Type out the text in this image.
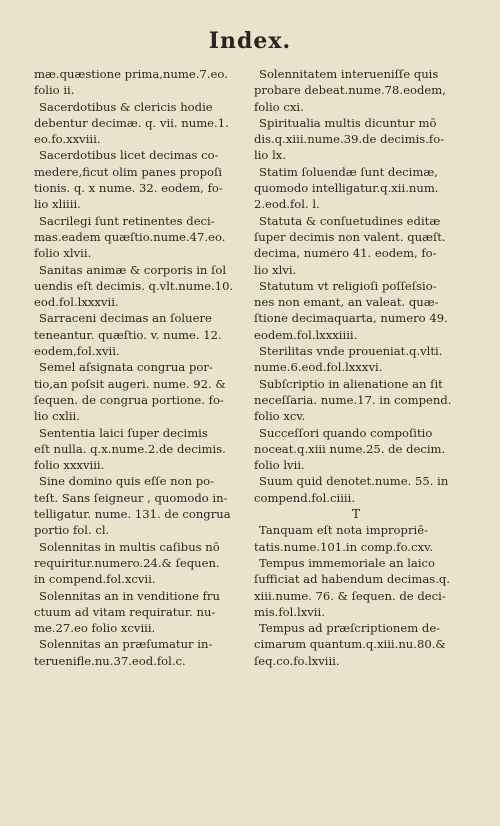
Index.
mæ.quæstione prima,nume.7.eo.
folio ii.
Sacerdotibus & clericis hodie
debentur decimæ. q. vii. nume.1.
eo.fo.xxviii.
Sacerdotibus licet decimas co-
medere,ficut olim panes propoſi
tionis. q. x nume. 32. eodem, fo-
lio xliiii.
Sacrilegi ſunt retinentes deci-
mas.eadem quæſtio.nume.47.eo.
folio xlvii.
Sanitas animæ & corporis in ſol
uendis eſt decimis. q.vlt.nume.10.
eod.fol.lxxxvii.
Sarraceni decimas an ſoluere
teneantur. quæſtio. v. nume. 12.
eodem,fol.xvii.
Semel aſsignata congrua por-
tio,an poſsit augeri. nume. 92. &
ſequen. de congrua portione. fo-
lio cxlii.
Sententia laici ſuper decimis
eſt nulla. q.x.nume.2.de decimis.
folio xxxviii.
Sine domino quis eſſe non po-
teſt. Sans ſeigneur , quomodo in-
telligatur. nume. 131. de congrua
portio fol. cl.
Solennitas in multis caſibus nō
requiritur.numero.24.& ſequen.
in compend.fol.xcvii.
Solennitas an in venditione fru
ctuum ad vitam requiratur. nu-
me.27.eo folio xcviii.
Solennitas an præſumatur in-
teruenifle.nu.37.eod.fol.c.
Solennitatem interueniſſe quis
probare debeat.nume.78.eodem,
folio cxi.
Spiritualia multis dicuntur mō
dis.q.xiii.nume.39.de decimis.fo-
lio lx.
Statim ſoluendæ ſunt decimæ,
quomodo intelligatur.q.xii.num.
2.eod.fol. l.
Statuta & conſuetudines editæ
ſuper decimis non valent. quæſt.
decima, numero 41. eodem, fo-
lio xlvi.
Statutum vt religioſi poſſeſsio-
nes non emant, an valeat. quæ-
ſtione decimaquarta, numero 49.
eodem.fol.lxxxiiii.
Sterilitas vnde proueniat.q.vlti.
nume.6.eod.fol.lxxxvi.
Subſcriptio in alienatione an ſit
neceſſaria. nume.17. in compend.
folio xcv.
Succeſſori quando compoſitio
noceat.q.xiii nume.25. de decim.
folio lvii.
Suum quid denotet.nume. 55. in
compend.fol.ciiii.
T
Tanquam eſt nota impropriē-
tatis.nume.101.in comp.fo.cxv.
Tempus immemoriale an laico
ſufficiat ad habendum decimas.q.
xiii.nume. 76. & ſequen. de deci-
mis.fol.lxvii.
Tempus ad præſcriptionem de-
cimarum quantum.q.xiii.nu.80.&
ſeq.co.fo.lxviii.
